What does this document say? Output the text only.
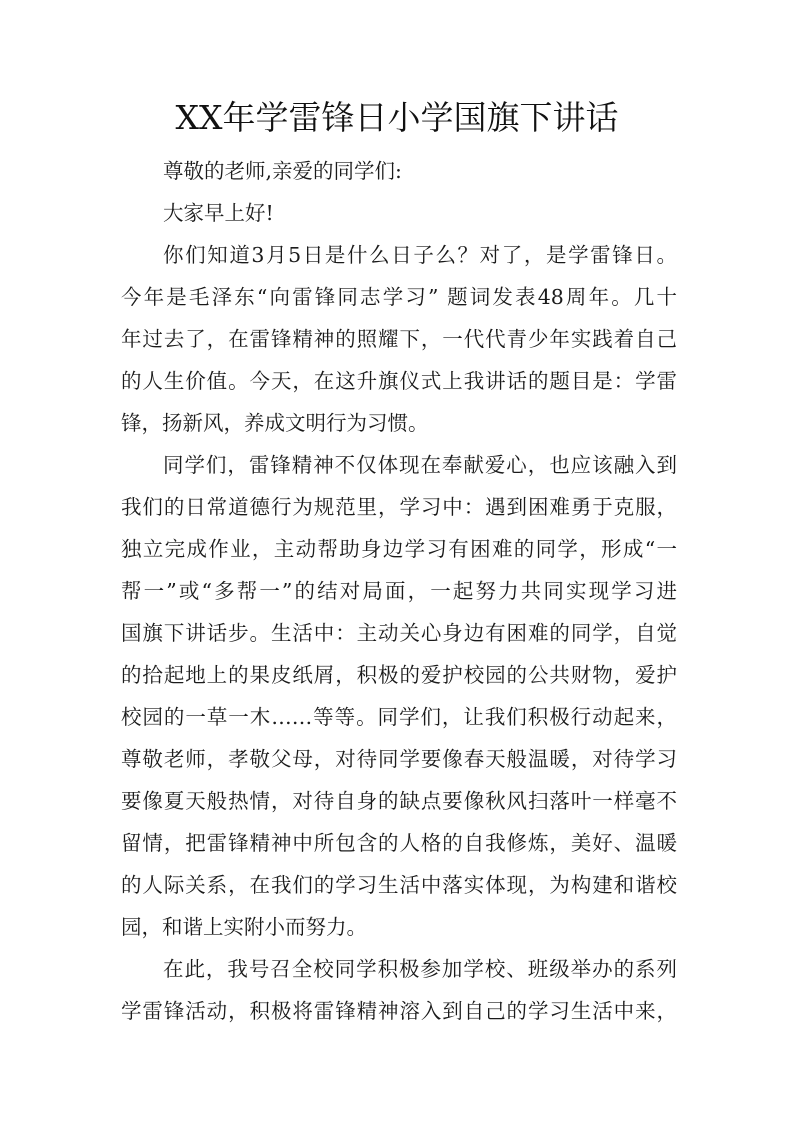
XX年学雷锋日小学国旗下讲话
尊敬的老师,亲爱的同学们:
大家早上好!
你们知道3月5日是什么日子么？对了，是学雷锋日。
今年是毛泽东“向雷锋同志学习” 题词发表48周年。几十
年过去了，在雷锋精神的照耀下，一代代青少年实践着自己
的人生价值。今天，在这升旗仪式上我讲话的题目是：学雷
锋，扬新风，养成文明行为习惯。
同学们，雷锋精神不仅体现在奉献爱心，也应该融入到
我们的日常道德行为规范里，学习中：遇到困难勇于克服，
独立完成作业，主动帮助身边学习有困难的同学，形成“一
帮一”或“多帮一”的结对局面，一起努力共同实现学习进
国旗下讲话步。生活中：主动关心身边有困难的同学，自觉
的拾起地上的果皮纸屑，积极的爱护校园的公共财物，爱护
校园的一草一木……等等。同学们，让我们积极行动起来，
尊敬老师，孝敬父母，对待同学要像春天般温暖，对待学习
要像夏天般热情，对待自身的缺点要像秋风扫落叶一样毫不
留情，把雷锋精神中所包含的人格的自我修炼，美好、温暖
的人际关系，在我们的学习生活中落实体现，为构建和谐校
园，和谐上实附小而努力。
在此，我号召全校同学积极参加学校、班级举办的系列
学雷锋活动，积极将雷锋精神溶入到自己的学习生活中来，
